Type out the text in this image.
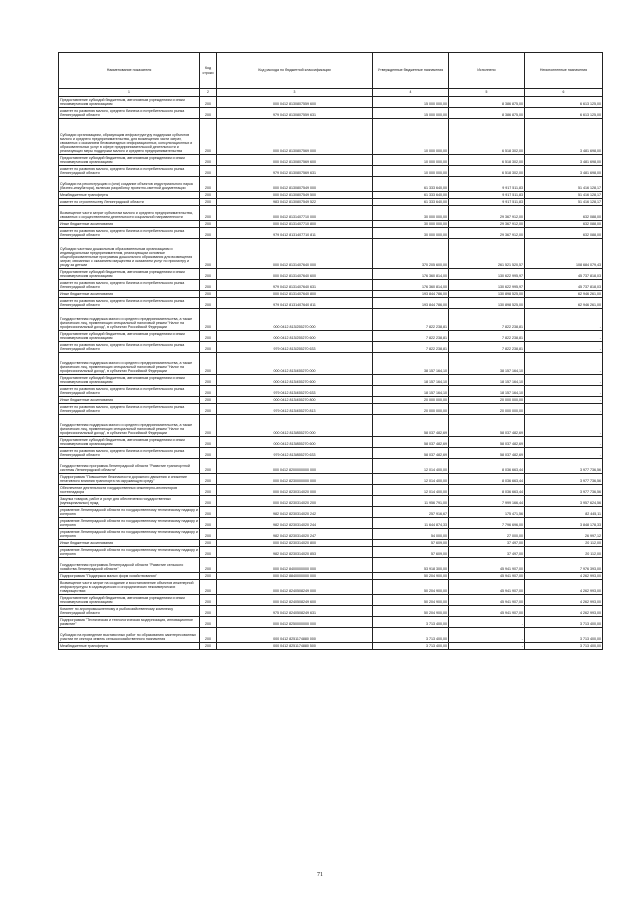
Наименование показателя	Код строки	Код расхода по бюджетной классификации	Утвержденные бюджетные назначения	Исполнено	Неисполненные назначения
1	2	3	4	5	6
Предоставление субсидий бюджетным, автономным учреждениям и иным некоммерческим организациям	200	000 0412 8130807559 600	15 000 000,00	8 386 875,00	6 613 125,00
комитет по развитию малого, среднего бизнеса и потребительского рынка Ленинградской области	200	979 0412 8130807559 631	15 000 000,00	8 386 875,00	6 613 125,00
Субсидии организациям, образующим инфраструктуру поддержки субъектов малого и среднего предпринимательства, для возмещения части затрат, связанных с оказанием безвозмездных информационных, консультационных и образовательных услуг в сфере предпринимательской деятельности и реализующих меры поддержки малого и среднего предпринимательства	200	000 0412 8130807569 000	10 000 000,00	6 518 302,00	3 481 698,00
Предоставление субсидий бюджетным, автономным учреждениям и иным некоммерческим организациям	200	000 0412 8130807569 600	10 000 000,00	6 518 302,00	3 481 698,00
комитет по развитию малого, среднего бизнеса и потребительского рынка Ленинградской области	200	979 0412 8130807569 631	10 000 000,00	6 518 302,00	3 481 698,00
Субсидии на реконструкцию и (или) создание объектов индустриального парка (бизнес-инкубатора), включая разработку проектно-сметной документации	200	000 0412 8130807549 000	61 333 640,00	9 917 511,83	51 416 128,17
Межбюджетные трансферты	200	000 0412 8130807549 500	61 333 640,00	9 917 511,83	51 416 128,17
комитет по строительству Ленинградской области	200	983 0412 8130807549 522	61 333 640,00	9 917 511,83	51 416 128,17
Возмещение части затрат субъектам малого и среднего предпринимательства, связанных с осуществлением деятельности социальной направленности	200	000 0412 8131407710 000	30 000 000,00	29 367 912,00	632 088,00
Иные бюджетные ассигнования	200	000 0412 8131407710 800	30 000 000,00	29 367 912,00	632 088,00
комитет по развитию малого, среднего бизнеса и потребительского рынка Ленинградской области	200	979 0412 8131407710 811	30 000 000,00	29 367 912,00	632 088,00
Субсидии частным дошкольным образовательным организациям и индивидуальным предпринимателям, реализующим основные общеобразовательные программы дошкольного образования для возмещения затрат, связанных с оказанием имущества и оказанием услуг по присмотру и уходу за детьми	200	000 0412 8131407640 000	370 205 600,00	261 521 520,57	108 684 079,43
Предоставление субсидий бюджетным, автономным учреждениям и иным некоммерческим организациям	200	000 0412 8131407640 600	176 360 814,00	130 622 995,97	45 737 818,03
комитет по развитию малого, среднего бизнеса и потребительского рынка Ленинградской области	200	979 0412 8131407640 631	176 360 814,00	130 622 995,97	45 737 818,03
Иные бюджетные ассигнования	200	000 0412 8131407640 800	193 844 786,00	130 898 525,00	62 946 261,00
комитет по развитию малого, среднего бизнеса и потребительского рынка Ленинградской области	200	979 0412 8131407640 811	193 844 786,00	130 898 525,00	62 946 261,00
Государственная поддержка малого и среднего предпринимательства, а также физических лиц, применяющих специальный налоговый режим "Налог на профессиональный доход", в субъектах Российской Федерации	200	000 0412 813I255270 000	7 822 238,81	7 822 238,81	-
Предоставление субсидий бюджетным, автономным учреждениям и иным некоммерческим организациям	200	000 0412 813I255270 600	7 822 238,81	7 822 238,81	-
комитет по развитию малого, среднего бизнеса и потребительского рынка Ленинградской области	200	979 0412 813I255270 633	7 822 238,81	7 822 238,81	-
Государственная поддержка малого и среднего предпринимательства, а также физических лиц, применяющих специальный налоговый режим "Налог на профессиональный доход", в субъектах Российской Федерации	200	000 0412 813I455270 000	38 157 164,10	38 157 164,10	-
Предоставление субсидий бюджетным, автономным учреждениям и иным некоммерческим организациям	200	000 0412 813I455270 600	18 157 164,10	18 157 164,10	-
комитет по развитию малого, среднего бизнеса и потребительского рынка Ленинградской области	200	979 0412 813I455270 633	18 157 164,10	18 157 164,10	-
Иные бюджетные ассигнования	200	000 0412 813I455270 800	20 000 000,00	20 000 000,00	-
комитет по развитию малого, среднего бизнеса и потребительского рынка Ленинградской области	200	979 0412 813I455270 813	20 000 000,00	20 000 000,00	-
Государственная поддержка малого и среднего предпринимательства, а также физических лиц, применяющих специальный налоговый режим "Налог на профессиональный доход", в субъектах Российской Федерации	200	000 0412 813I855270 000	58 037 482,69	58 037 482,69	-
Предоставление субсидий бюджетным, автономным учреждениям и иным некоммерческим организациям	200	000 0412 813I855270 600	58 037 482,69	58 037 482,69	-
комитет по развитию малого, среднего бизнеса и потребительского рынка Ленинградской области	200	979 0412 813I855270 633	58 037 482,69	58 037 482,69	-
Государственная программа Ленинградской области "Развитие транспортной системы Ленинградской области"	200	000 0412 8200000000 000	12 014 400,00	8 036 663,44	3 977 736,56
Подпрограмма "Повышение безопасности дорожного движения и снижение негативного влияния транспорта на окружающую среду"	200	000 0412 8230000000 000	12 014 400,00	8 036 663,44	3 977 736,56
Обеспечение деятельности государственных инженерно-инспекторов гостехнадзора	200	000 0412 8230314020 000	12 014 400,00	8 036 663,44	3 977 736,56
Закупка товаров, работ и услуг для обеспечения государственных (муниципальных) нужд	200	000 0412 8230314020 200	11 956 791,00	7 999 166,44	3 957 624,56
управление Ленинградской области по государственному техническому надзору и контролю	200	982 0412 8230314020 242	257 916,67	175 471,56	82 445,11
управление Ленинградской области по государственному техническому надзору и контролю	200	982 0412 8230314020 244	11 644 874,33	7 796 696,00	3 848 178,33
управление Ленинградской области по государственному техническому надзору и контролю	200	982 0412 8230314020 247	54 000,00	27 000,00	26 997,12
Иные бюджетные ассигнования	200	000 0412 8230314020 800	57 609,00	37 497,00	20 112,00
управление Ленинградской области по государственному техническому надзору и контролю	200	982 0412 8230314020 853	57 609,00	37 497,00	20 112,00
Государственная программа Ленинградской области "Развитие сельского хозяйства Ленинградской области"	200	000 0412 8400000000 000	53 918 300,00	45 941 907,00	7 976 393,00
Подпрограмма "Поддержка малых форм хозяйствования"	200	000 0412 8840000000 000	50 204 900,00	45 941 907,00	4 262 993,00
Возмещение части затрат на создание и восстановление объектов инженерной инфраструктуры в садоводческих и огороднических некоммерческих товариществах	200	000 0412 8240508249 000	50 204 900,00	45 941 907,00	4 262 993,00
Предоставление субсидий бюджетным, автономным учреждениям и иным некоммерческим организациям	200	000 0412 8240508249 600	50 204 900,00	45 941 907,00	4 262 993,00
Комитет по агропромышленному и рыбохозяйственному комплексу Ленинградской области	200	975 0412 8240508249 631	50 204 900,00	45 941 907,00	4 262 993,00
Подпрограмма "Техническая и технологическая модернизация, инновационное развитие"	200	000 0412 8250000000 000	3 713 400,00	-	3 713 400,00
Субсидии на проведение выставочных работ по образованию заинтересованных участии не сектора земель сельскохозяйственного назначения	200	000 0412 8251174880 000	3 713 400,00	-	3 713 400,00
Межбюджетные трансферты	200	000 0412 8251174880 500	3 713 400,00	-	3 713 400,00
71
